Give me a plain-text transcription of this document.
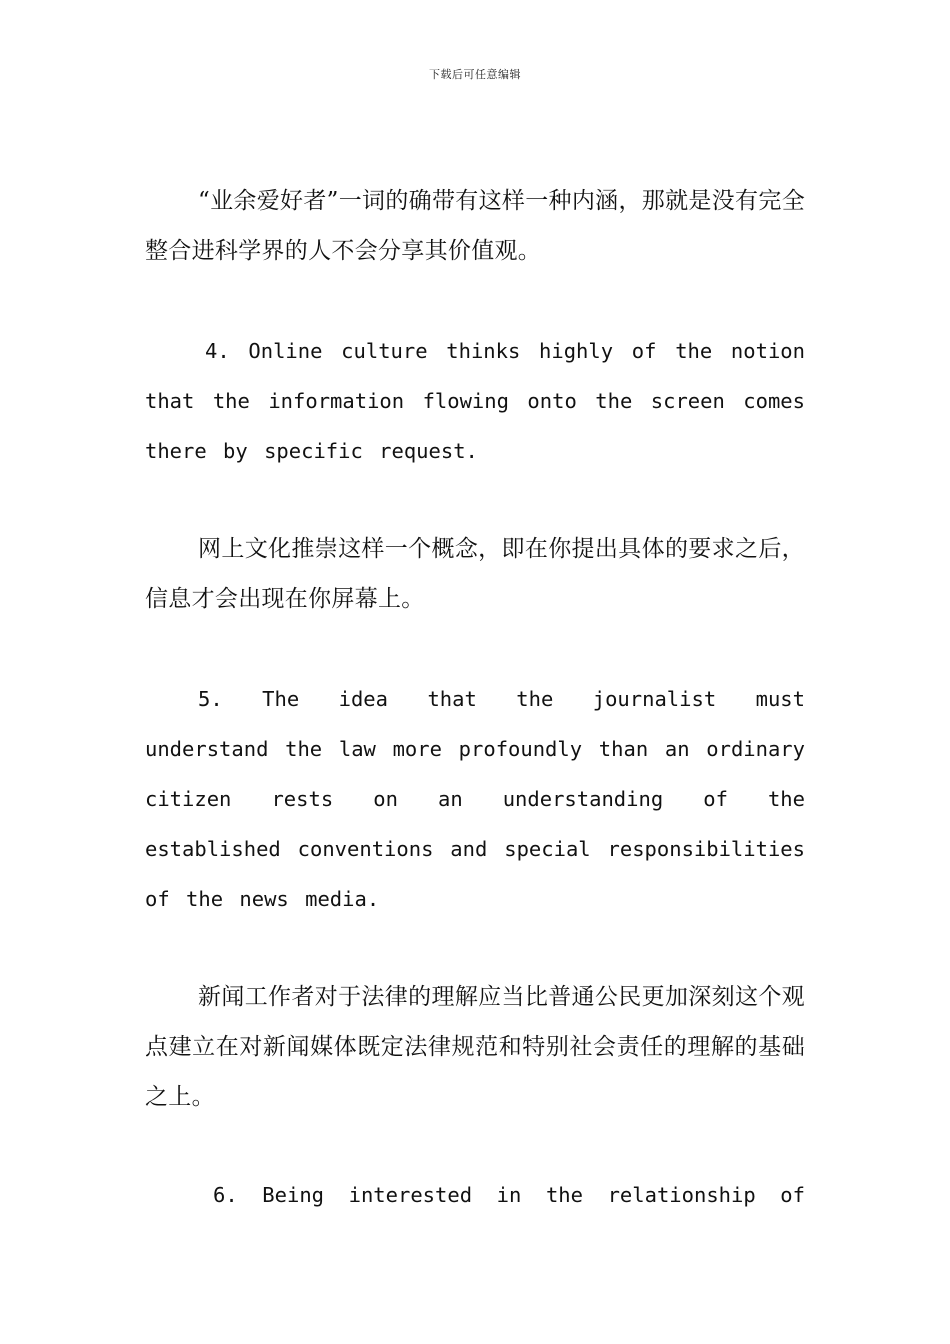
下载后可任意编辑

“业余爱好者”一词的确带有这样一种内涵，那就是没有完全整合进科学界的人不会分享其价值观。

4. Online culture thinks highly of the notion that the information flowing onto the screen comes there by specific request.

网上文化推崇这样一个概念，即在你提出具体的要求之后，信息才会出现在你屏幕上。

5. The idea that the journalist must understand the law more profoundly than an ordinary citizen rests on an understanding of the established conventions and special responsibilities of the news media.

新闻工作者对于法律的理解应当比普通公民更加深刻这个观点建立在对新闻媒体既定法律规范和特别社会责任的理解的基础之上。

6. Being interested in the relationship of
